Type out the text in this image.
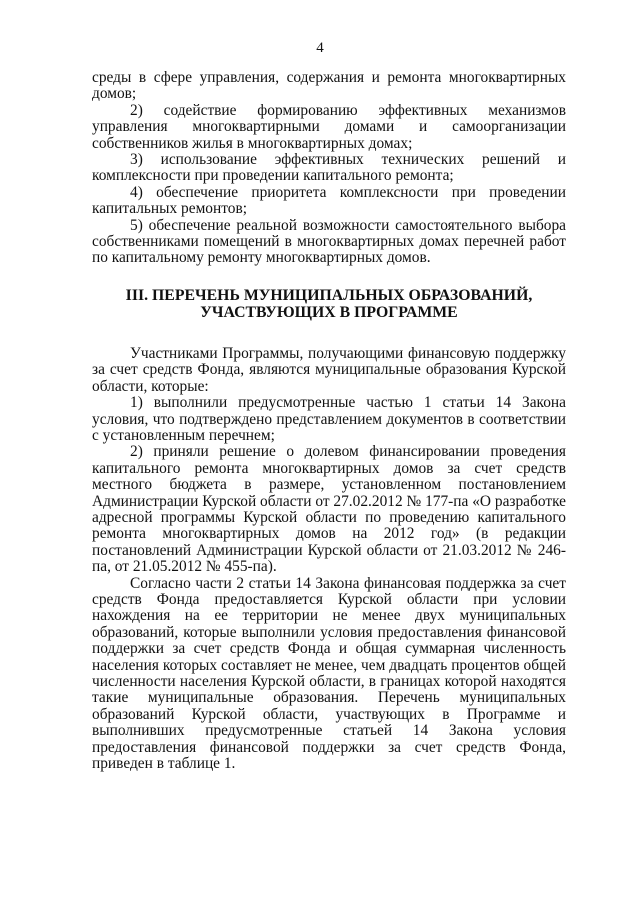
4

среды в сфере управления, содержания и ремонта многоквартирных домов;

2) содействие формированию эффективных механизмов управления многоквартирными домами и самоорганизации собственников жилья в многоквартирных домах;

3) использование эффективных технических решений и комплексности при проведении капитального ремонта;

4) обеспечение приоритета комплексности при проведении капитальных ремонтов;

5) обеспечение реальной возможности самостоятельного выбора собственниками помещений в многоквартирных домах перечней работ по капитальному ремонту многоквартирных домов.

III. ПЕРЕЧЕНЬ МУНИЦИПАЛЬНЫХ ОБРАЗОВАНИЙ,
УЧАСТВУЮЩИХ В ПРОГРАММЕ

Участниками Программы, получающими финансовую поддержку за счет средств Фонда, являются муниципальные образования Курской области, которые:

1) выполнили предусмотренные частью 1 статьи 14 Закона условия, что подтверждено представлением документов в соответствии с установленным перечнем;

2) приняли решение о долевом финансировании проведения капитального ремонта многоквартирных домов за счет средств местного бюджета в размере, установленном постановлением Администрации Курской области от 27.02.2012 № 177-па «О разработке адресной программы Курской области по проведению капитального ремонта многоквартирных домов на 2012 год» (в редакции постановлений Администрации Курской области от 21.03.2012 № 246-па, от 21.05.2012 № 455-па).

Согласно части 2 статьи 14 Закона финансовая поддержка за счет средств Фонда предоставляется Курской области при условии нахождения на ее территории не менее двух муниципальных образований, которые выполнили условия предоставления финансовой поддержки за счет средств Фонда и общая суммарная численность населения которых составляет не менее, чем двадцать процентов общей численности населения Курской области, в границах которой находятся такие муниципальные образования. Перечень муниципальных образований Курской области, участвующих в Программе и выполнивших предусмотренные статьей 14 Закона условия предоставления финансовой поддержки за счет средств Фонда, приведен в таблице 1.
